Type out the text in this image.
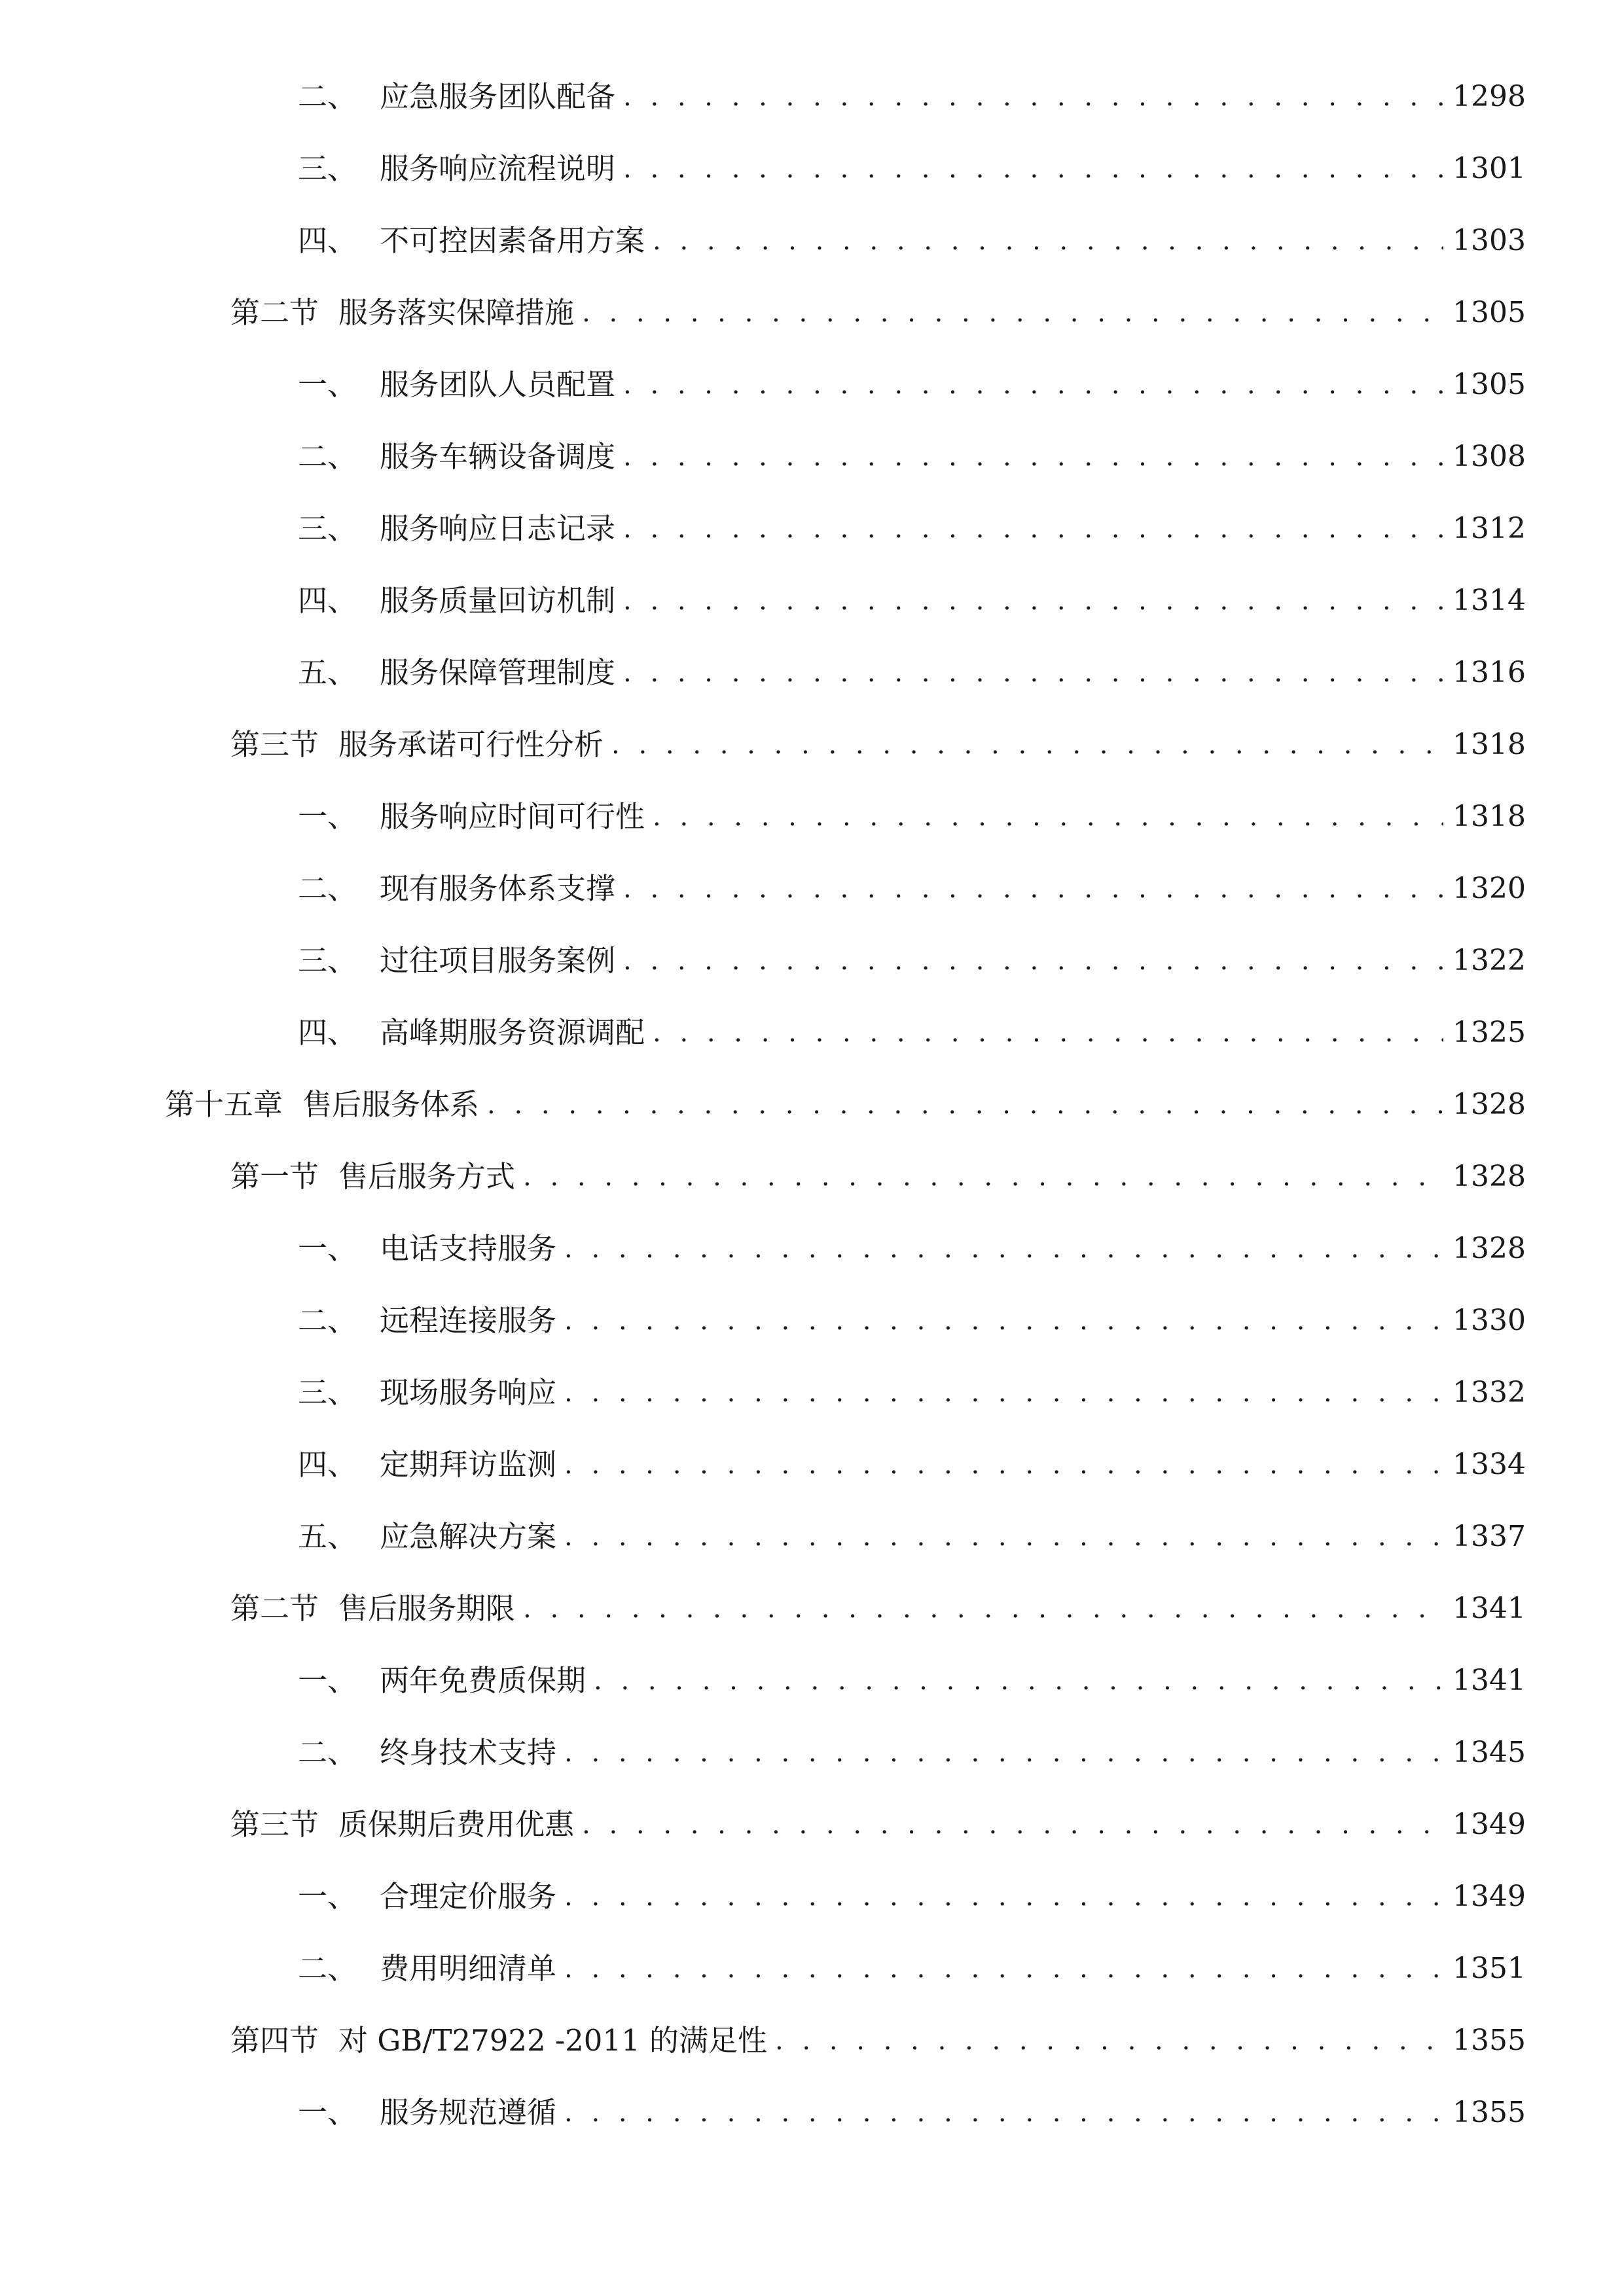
二、 应急服务团队配备 . . .	1298
三、 服务响应流程说明 . . .	1301
四、 不可控因素备用方案 . . .	1303
第二节 服务落实保障措施 . . .	1305
一、 服务团队人员配置 . . .	1305
二、 服务车辆设备调度 . . .	1308
三、 服务响应日志记录 . . .	1312
四、 服务质量回访机制 . . .	1314
五、 服务保障管理制度 . . .	1316
第三节 服务承诺可行性分析 . . .	1318
一、 服务响应时间可行性 . . .	1318
二、 现有服务体系支撑 . . .	1320
三、 过往项目服务案例 . . .	1322
四、 高峰期服务资源调配 . . .	1325
第十五章 售后服务体系 . . .	1328
第一节 售后服务方式 . . .	1328
一、 电话支持服务 . . .	1328
二、 远程连接服务 . . .	1330
三、 现场服务响应 . . .	1332
四、 定期拜访监测 . . .	1334
五、 应急解决方案 . . .	1337
第二节 售后服务期限 . . .	1341
一、 两年免费质保期 . . .	1341
二、 终身技术支持 . . .	1345
第三节 质保期后费用优惠 . . .	1349
一、 合理定价服务 . . .	1349
二、 费用明细清单 . . .	1351
第四节 对 GB/T27922 -2011 的满足性 . . .	1355
一、 服务规范遵循 . . .	1355
